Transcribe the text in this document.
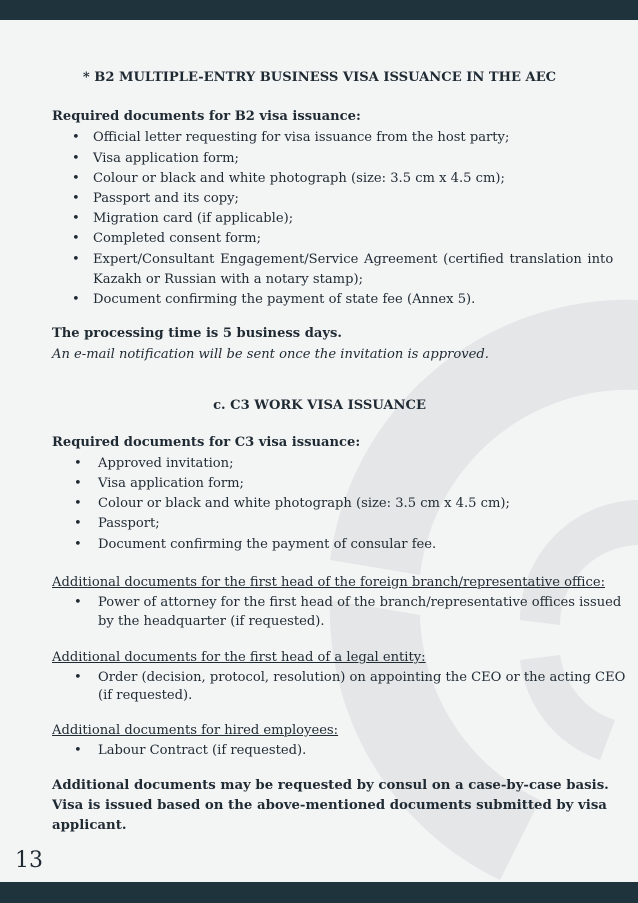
* B2 MULTIPLE-ENTRY BUSINESS VISA ISSUANCE IN THE AEC
Required documents for B2 visa issuance:
• Official letter requesting for visa issuance from the host party;
• Visa application form;
• Colour or black and white photograph (size: 3.5 cm x 4.5 cm);
• Passport and its copy;
• Migration card (if applicable);
• Completed consent form;
• Expert/Consultant Engagement/Service Agreement (certified translation into
Kazakh or Russian with a notary stamp);
• Document confirming the payment of state fee (Annex 5).
The processing time is 5 business days.
An e-mail notification will be sent once the invitation is approved.
c. C3 WORK VISA ISSUANCE
Required documents for C3 visa issuance:
• Approved invitation;
• Visa application form;
• Colour or black and white photograph (size: 3.5 cm x 4.5 cm);
• Passport;
• Document confirming the payment of consular fee.
Additional documents for the first head of the foreign branch/representative office:
• Power of attorney for the first head of the branch/representative offices issued
by the headquarter (if requested).
Additional documents for the first head of a legal entity:
• Order (decision, protocol, resolution) on appointing the CEO or the acting CEO
(if requested).
Additional documents for hired employees:
• Labour Contract (if requested).
Additional documents may be requested by consul on a case-by-case basis.
Visa is issued based on the above-mentioned documents submitted by visa
applicant.
13
